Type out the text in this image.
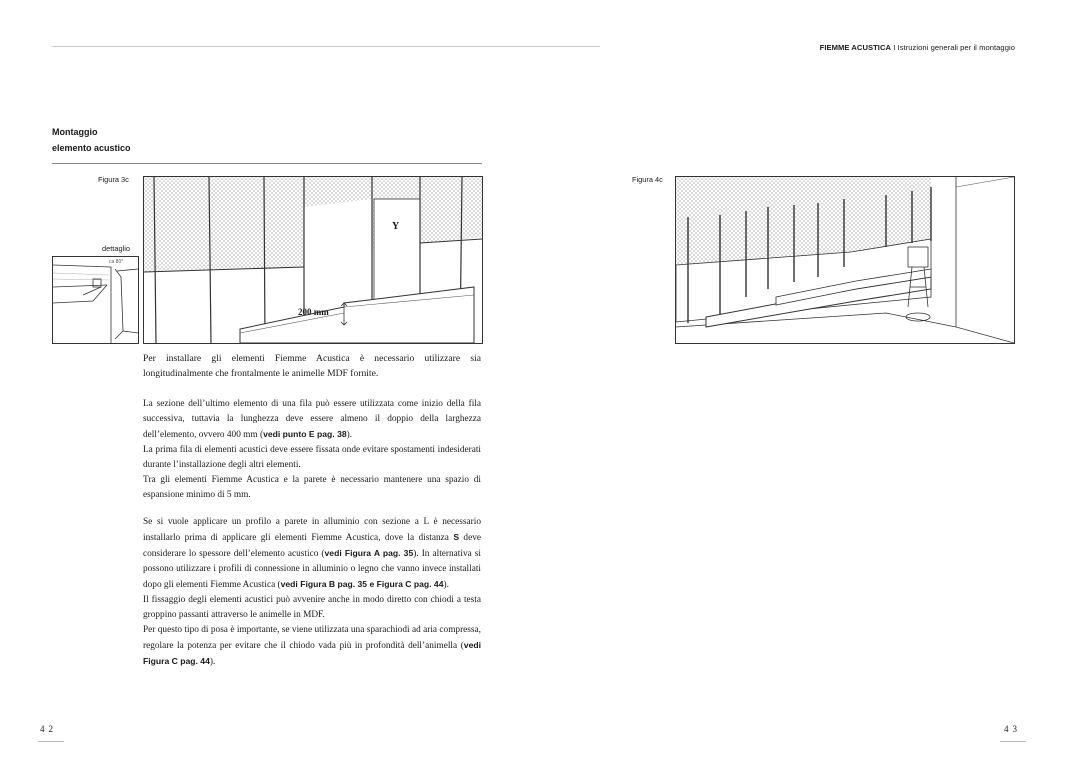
FIEMME ACUSTICA I Istruzioni generali per il montaggio
Montaggio
elemento acustico
Figura 3c
Y
200 mm
dettaglio
ca 80°
Figura 4c

Per installare gli elementi Fiemme Acustica è necessario utilizzare sia longitudinalmente che frontalmente le animelle MDF fornite.

La sezione dell’ultimo elemento di una fila può essere utilizzata come inizio della fila successiva, tuttavia la lunghezza deve essere almeno il doppio della larghezza dell’elemento, ovvero 400 mm (vedi punto E pag. 38).

La prima fila di elementi acustici deve essere fissata onde evitare spostamenti indesiderati durante l’installazione degli altri elementi.

Tra gli elementi Fiemme Acustica e la parete è necessario mantenere una spazio di espansione minimo di 5 mm.

Se si vuole applicare un profilo a parete in alluminio con sezione a L è necessario installarlo prima di applicare gli elementi Fiemme Acustica, dove la distanza S deve considerare lo spessore dell’elemento acustico (vedi Figura A pag. 35). In alternativa si possono utilizzare i profili di connessione in alluminio o legno che vanno invece installati dopo gli elementi Fiemme Acustica (vedi Figura B pag. 35 e Figura C pag. 44).

Il fissaggio degli elementi acustici può avvenire anche in modo diretto con chiodi a testa groppino passanti attraverso le animelle in MDF.

Per questo tipo di posa è importante, se viene utilizzata una sparachiodi ad aria compressa, regolare la potenza per evitare che il chiodo vada più in profondità dell’animella (vedi Figura C pag. 44).

42	43
